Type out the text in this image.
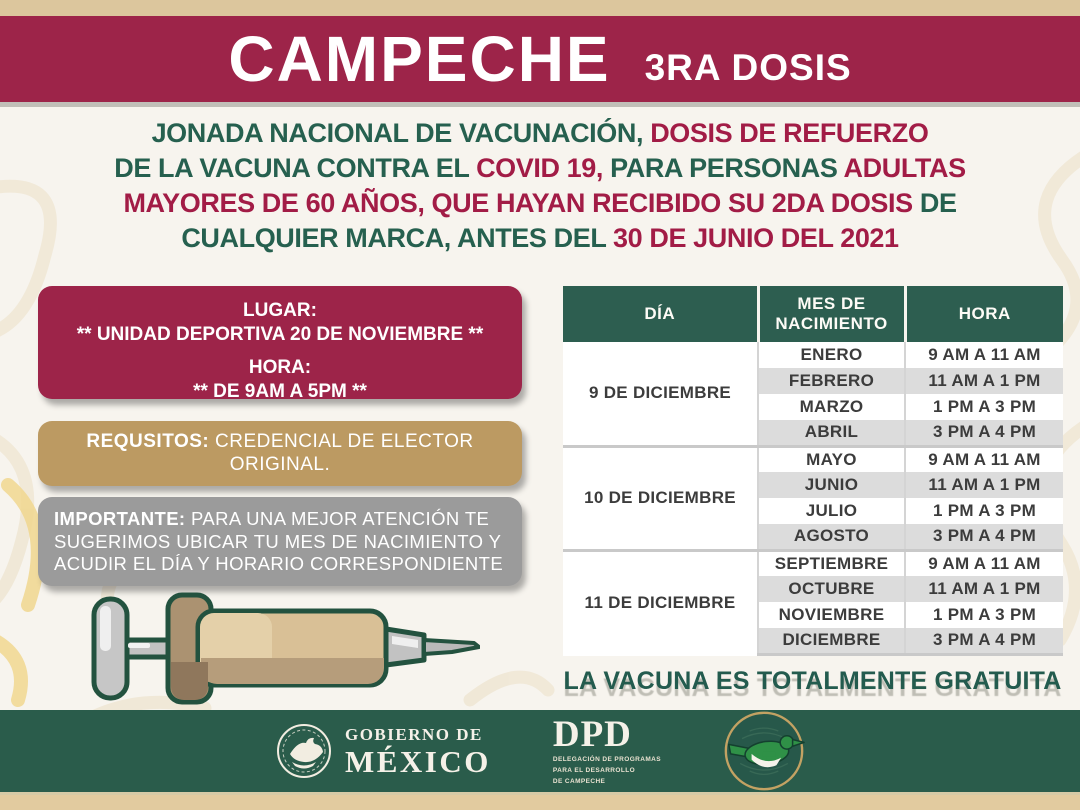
CAMPECHE 3RA DOSIS
JONADA NACIONAL DE VACUNACIÓN, DOSIS DE REFUERZO
DE LA VACUNA CONTRA EL COVID 19, PARA PERSONAS ADULTAS
MAYORES DE 60 AÑOS, QUE HAYAN RECIBIDO SU 2DA DOSIS DE
CUALQUIER MARCA, ANTES DEL 30 DE JUNIO DEL 2021
LUGAR:
** UNIDAD DEPORTIVA 20 DE NOVIEMBRE **
HORA:
** DE 9AM A 5PM **
REQUSITOS: CREDENCIAL DE ELECTOR ORIGINAL.
IMPORTANTE: PARA UNA MEJOR ATENCIÓN TE SUGERIMOS UBICAR TU MES DE NACIMIENTO Y ACUDIR EL DÍA Y HORARIO CORRESPONDIENTE
DÍA	MES DE NACIMIENTO	HORA
9 DE DICIEMBRE	ENERO	9 AM A 11 AM
	FEBRERO	11 AM A 1 PM
	MARZO	1 PM A 3 PM
	ABRIL	3 PM A 4 PM
10 DE DICIEMBRE	MAYO	9 AM A 11 AM
	JUNIO	11 AM A 1 PM
	JULIO	1 PM A 3 PM
	AGOSTO	3 PM A 4 PM
11 DE DICIEMBRE	SEPTIEMBRE	9 AM A 11 AM
	OCTUBRE	11 AM A 1 PM
	NOVIEMBRE	1 PM A 3 PM
	DICIEMBRE	3 PM A 4 PM
LA VACUNA ES TOTALMENTE GRATUITA
GOBIERNO DE
MÉXICO
DPD
DELEGACIÓN DE PROGRAMAS
PARA EL DESARROLLO
DE CAMPECHE
